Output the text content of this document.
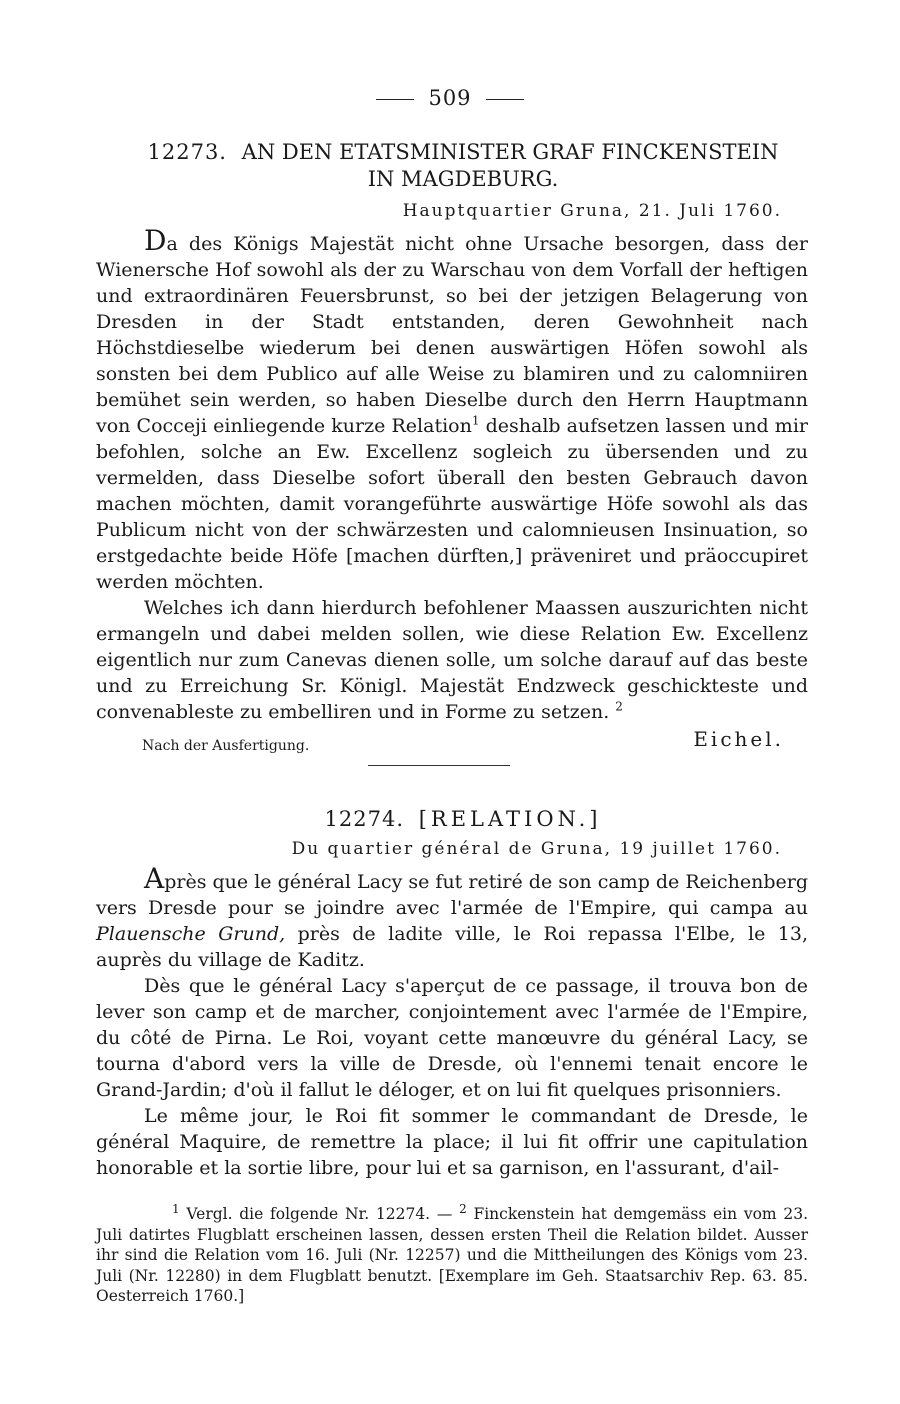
509
12273. AN DEN ETATSMINISTER GRAF FINCKENSTEIN
IN MAGDEBURG.
Hauptquartier Gruna, 21. Juli 1760.

Da des Königs Majestät nicht ohne Ursache besorgen, dass der Wienersche Hof sowohl als der zu Warschau von dem Vorfall der heftigen und extraordinären Feuersbrunst, so bei der jetzigen Belagerung von Dresden in der Stadt entstanden, deren Gewohnheit nach Höchstdieselbe wiederum bei denen auswärtigen Höfen sowohl als sonsten bei dem Publico auf alle Weise zu blamiren und zu calomniiren bemühet sein werden, so haben Dieselbe durch den Herrn Hauptmann von Cocceji einliegende kurze Relation$^1$ deshalb aufsetzen lassen und mir befohlen, solche an Ew. Excellenz sogleich zu übersenden und zu vermelden, dass Dieselbe sofort überall den besten Gebrauch davon machen möchten, damit vorangeführte auswärtige Höfe sowohl als das Publicum nicht von der schwärzesten und calomnieusen Insinuation, so erstgedachte beide Höfe [machen dürften,] präveniret und präoccupiret werden möchten.

Welches ich dann hierdurch befohlener Maassen auszurichten nicht ermangeln und dabei melden sollen, wie diese Relation Ew. Excellenz eigentlich nur zum Canevas dienen solle, um solche darauf auf das beste und zu Erreichung Sr. Königl. Majestät Endzweck geschickteste und convenableste zu embelliren und in Forme zu setzen. $^2$

Nach der Ausfertigung.	Eichel.
12274. [RELATION.]
Du quartier général de Gruna, 19 juillet 1760.

Après que le général Lacy se fut retiré de son camp de Reichenberg vers Dresde pour se joindre avec l'armée de l'Empire, qui campa au Plauensche Grund, près de ladite ville, le Roi repassa l'Elbe, le 13, auprès du village de Kaditz.

Dès que le général Lacy s'aperçut de ce passage, il trouva bon de lever son camp et de marcher, conjointement avec l'armée de l'Empire, du côté de Pirna. Le Roi, voyant cette manœuvre du général Lacy, se tourna d'abord vers la ville de Dresde, où l'ennemi tenait encore le Grand-Jardin; d'où il fallut le déloger, et on lui fit quelques prisonniers.

Le même jour, le Roi fit sommer le commandant de Dresde, le général Maquire, de remettre la place; il lui fit offrir une capitulation honorable et la sortie libre, pour lui et sa garnison, en l'assurant, d'ail-

$^1$ Vergl. die folgende Nr. 12274. — $^2$ Finckenstein hat demgemäss ein vom 23. Juli datirtes Flugblatt erscheinen lassen, dessen ersten Theil die Relation bildet. Ausser ihr sind die Relation vom 16. Juli (Nr. 12257) und die Mittheilungen des Königs vom 23. Juli (Nr. 12280) in dem Flugblatt benutzt. [Exemplare im Geh. Staatsarchiv Rep. 63. 85. Oesterreich 1760.]
